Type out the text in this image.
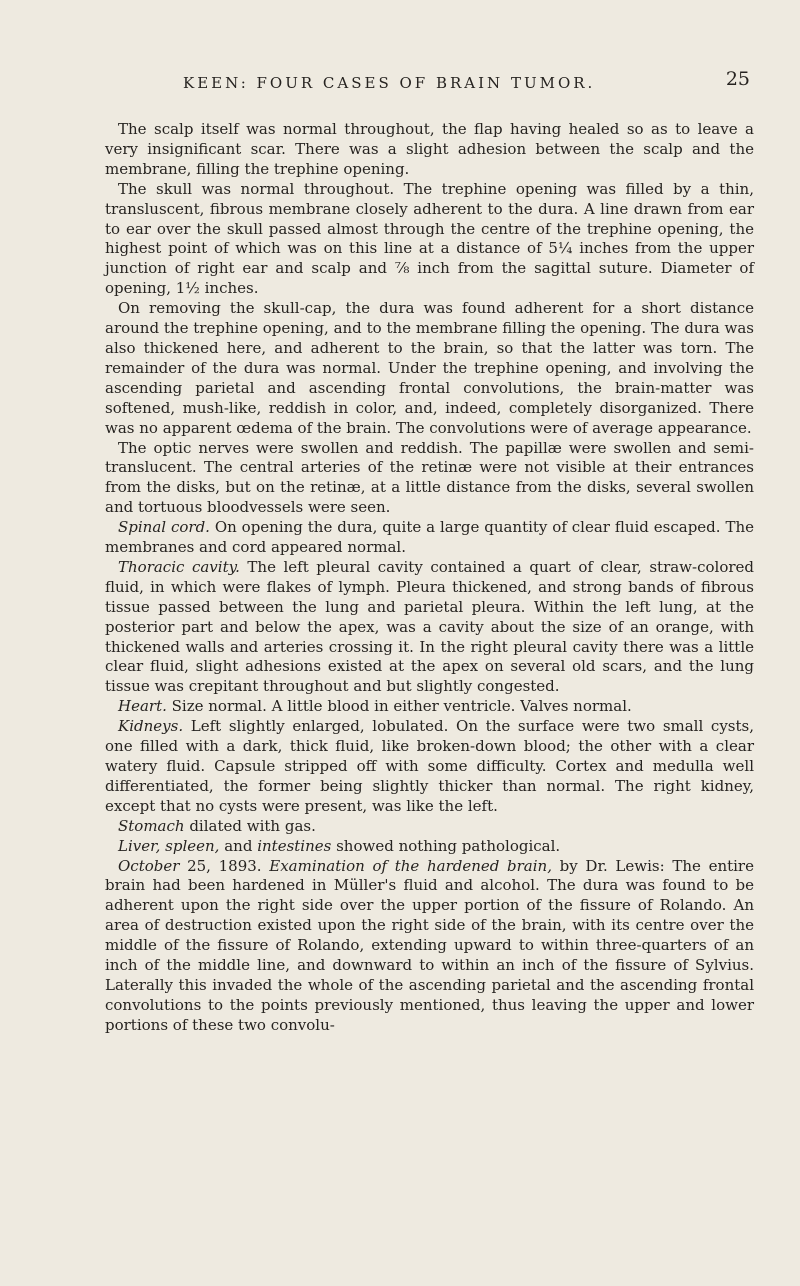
KEEN: FOUR CASES OF BRAIN TUMOR.	25

The scalp itself was normal throughout, the flap having healed so as to leave a very insignificant scar. There was a slight adhesion between the scalp and the membrane, filling the trephine opening.

The skull was normal throughout. The trephine opening was filled by a thin, transluscent, fibrous membrane closely adherent to the dura. A line drawn from ear to ear over the skull passed almost through the centre of the trephine opening, the highest point of which was on this line at a distance of 5¼ inches from the upper junction of right ear and scalp and ⅞ inch from the sagittal suture. Diameter of opening, 1½ inches.

On removing the skull-cap, the dura was found adherent for a short distance around the trephine opening, and to the membrane filling the opening. The dura was also thickened here, and adherent to the brain, so that the latter was torn. The remainder of the dura was normal. Under the trephine opening, and involving the ascending parietal and ascending frontal convolutions, the brain-matter was softened, mush-like, reddish in color, and, indeed, completely disorganized. There was no apparent œdema of the brain. The convolutions were of average appearance.

The optic nerves were swollen and reddish. The papillæ were swollen and semi-translucent. The central arteries of the retinæ were not visible at their entrances from the disks, but on the retinæ, at a little distance from the disks, several swollen and tortuous bloodvessels were seen.

Spinal cord. On opening the dura, quite a large quantity of clear fluid escaped. The membranes and cord appeared normal.

Thoracic cavity. The left pleural cavity contained a quart of clear, straw-colored fluid, in which were flakes of lymph. Pleura thickened, and strong bands of fibrous tissue passed between the lung and parietal pleura. Within the left lung, at the posterior part and below the apex, was a cavity about the size of an orange, with thickened walls and arteries crossing it. In the right pleural cavity there was a little clear fluid, slight adhesions existed at the apex on several old scars, and the lung tissue was crepitant throughout and but slightly congested.

Heart. Size normal. A little blood in either ventricle. Valves normal.

Kidneys. Left slightly enlarged, lobulated. On the surface were two small cysts, one filled with a dark, thick fluid, like broken-down blood; the other with a clear watery fluid. Capsule stripped off with some difficulty. Cortex and medulla well differentiated, the former being slightly thicker than normal. The right kidney, except that no cysts were present, was like the left.

Stomach dilated with gas.

Liver, spleen, and intestines showed nothing pathological.

October 25, 1893. Examination of the hardened brain, by Dr. Lewis: The entire brain had been hardened in Müller's fluid and alcohol. The dura was found to be adherent upon the right side over the upper portion of the fissure of Rolando. An area of destruction existed upon the right side of the brain, with its centre over the middle of the fissure of Rolando, extending upward to within three-quarters of an inch of the middle line, and downward to within an inch of the fissure of Sylvius. Laterally this invaded the whole of the ascending parietal and the ascending frontal convolutions to the points previously mentioned, thus leaving the upper and lower portions of these two convolu-
